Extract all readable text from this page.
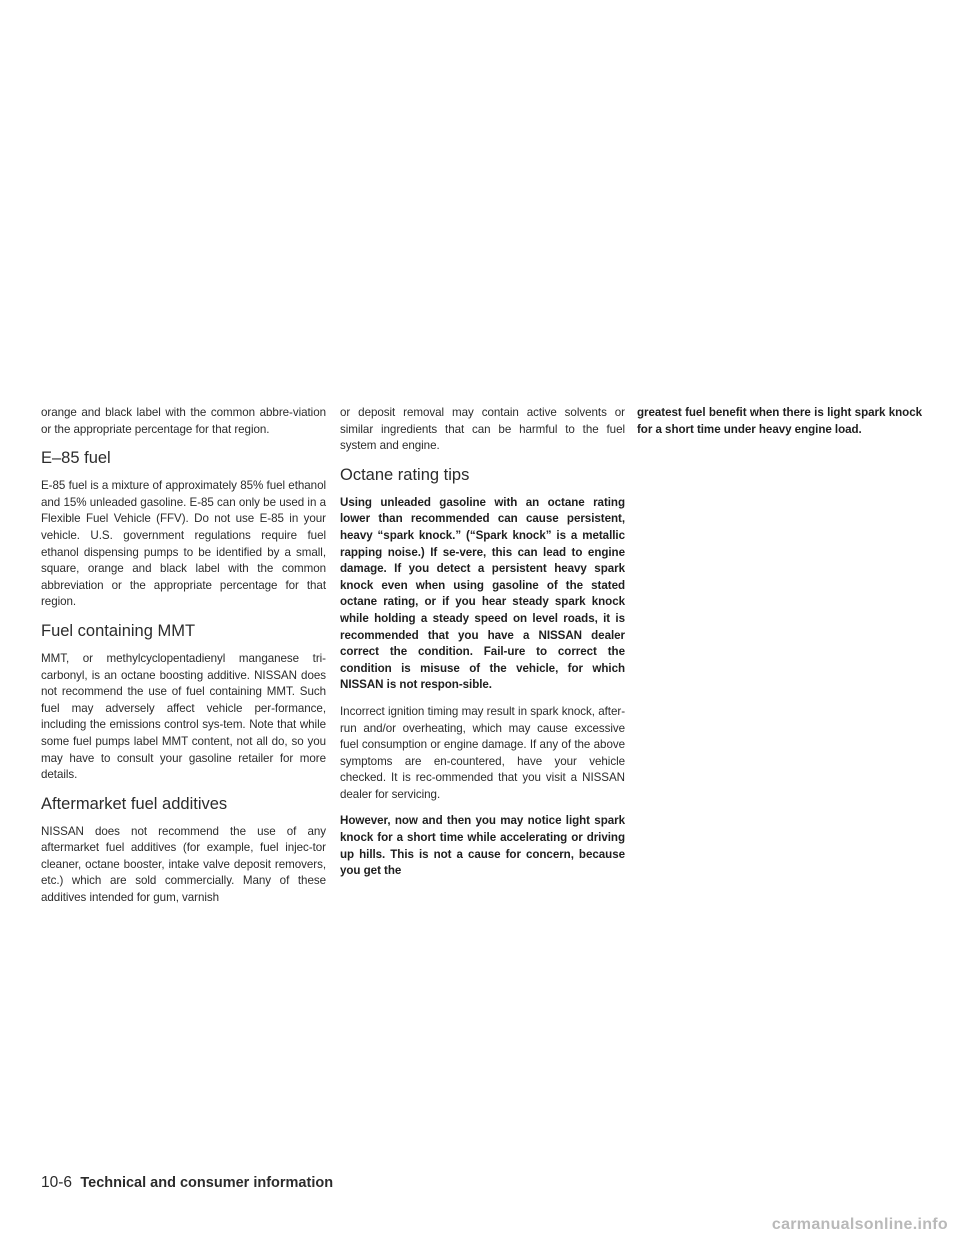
orange and black label with the common abbre-viation or the appropriate percentage for that region.

E–85 fuel

E-85 fuel is a mixture of approximately 85% fuel ethanol and 15% unleaded gasoline. E-85 can only be used in a Flexible Fuel Vehicle (FFV). Do not use E-85 in your vehicle. U.S. government regulations require fuel ethanol dispensing pumps to be identified by a small, square, orange and black label with the common abbreviation or the appropriate percentage for that region.

Fuel containing MMT

MMT, or methylcyclopentadienyl manganese tri-carbonyl, is an octane boosting additive. NISSAN does not recommend the use of fuel containing MMT. Such fuel may adversely affect vehicle per-formance, including the emissions control sys-tem. Note that while some fuel pumps label MMT content, not all do, so you may have to consult your gasoline retailer for more details.

Aftermarket fuel additives

NISSAN does not recommend the use of any aftermarket fuel additives (for example, fuel injec-tor cleaner, octane booster, intake valve deposit removers, etc.) which are sold commercially. Many of these additives intended for gum, varnish

or deposit removal may contain active solvents or similar ingredients that can be harmful to the fuel system and engine.

Octane rating tips

Using unleaded gasoline with an octane rating lower than recommended can cause persistent, heavy “spark knock.” (“Spark knock” is a metallic rapping noise.) If se-vere, this can lead to engine damage. If you detect a persistent heavy spark knock even when using gasoline of the stated octane rating, or if you hear steady spark knock while holding a steady speed on level roads, it is recommended that you have a NISSAN dealer correct the condition. Fail-ure to correct the condition is misuse of the vehicle, for which NISSAN is not respon-sible.

Incorrect ignition timing may result in spark knock, after-run and/or overheating, which may cause excessive fuel consumption or engine damage. If any of the above symptoms are en-countered, have your vehicle checked. It is rec-ommended that you visit a NISSAN dealer for servicing.

However, now and then you may notice light spark knock for a short time while accelerating or driving up hills. This is not a cause for concern, because you get the

greatest fuel benefit when there is light spark knock for a short time under heavy engine load.

10-6 Technical and consumer information
carmanualsonline.info
